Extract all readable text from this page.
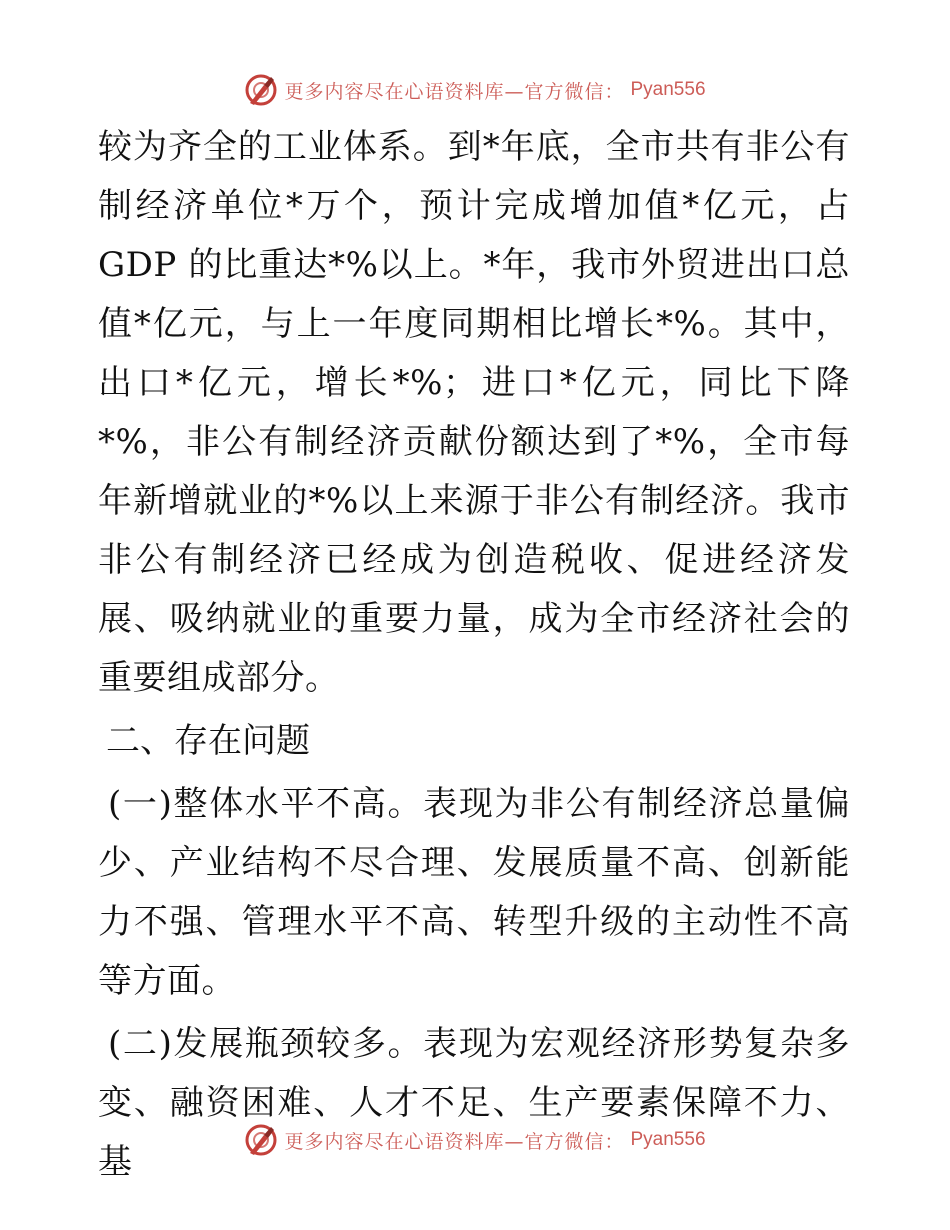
更多内容尽在心语资料库—官方微信： Pyan556

较为齐全的工业体系。到*年底，全市共有非公有制经济单位*万个，预计完成增加值*亿元，占 GDP 的比重达*%以上。*年，我市外贸进出口总值*亿元，与上一年度同期相比增长*%。其中，出口*亿元，增长*%；进口*亿元，同比下降*%，非公有制经济贡献份额达到了*%，全市每年新增就业的*%以上来源于非公有制经济。我市非公有制经济已经成为创造税收、促进经济发展、吸纳就业的重要力量，成为全市经济社会的重要组成部分。

二、存在问题

(一)整体水平不高。表现为非公有制经济总量偏少、产业结构不尽合理、发展质量不高、创新能力不强、管理水平不高、转型升级的主动性不高等方面。

(二)发展瓶颈较多。表现为宏观经济形势复杂多变、融资困难、人才不足、生产要素保障不力、基

更多内容尽在心语资料库—官方微信： Pyan556
